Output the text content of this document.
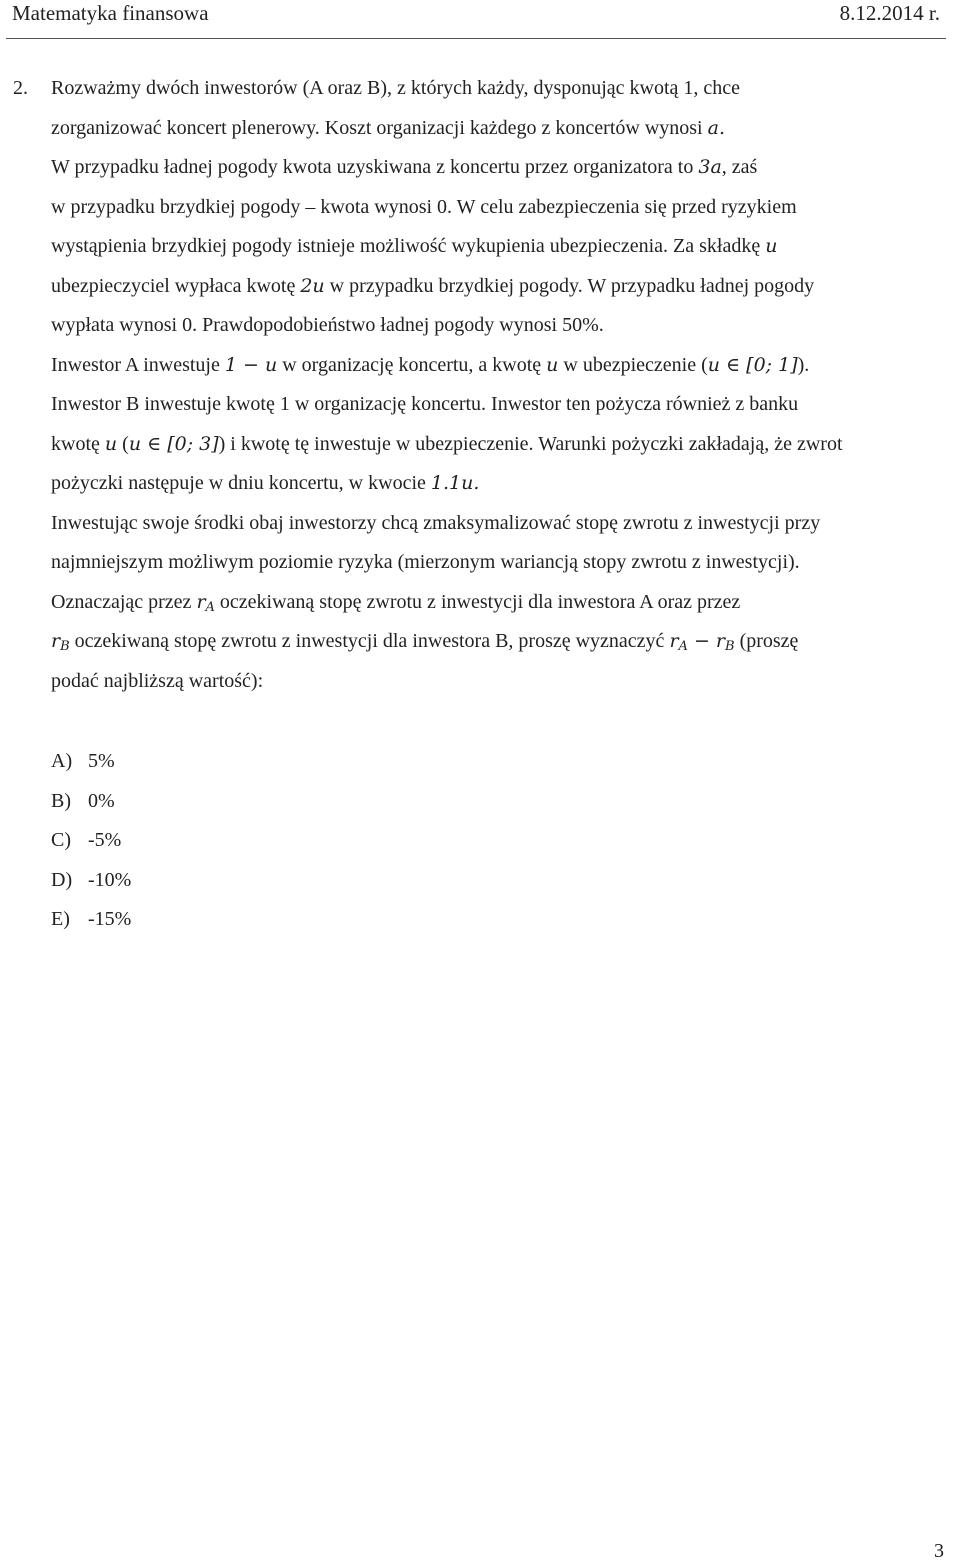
Matematyka finansowa	8.12.2014 r.
2. Rozważmy dwóch inwestorów (A oraz B), z których każdy, dysponując kwotą 1, chce
zorganizować koncert plenerowy. Koszt organizacji każdego z koncertów wynosi a.
W przypadku ładnej pogody kwota uzyskiwana z koncertu przez organizatora to 3a, zaś
w przypadku brzydkiej pogody – kwota wynosi 0. W celu zabezpieczenia się przed ryzykiem
wystąpienia brzydkiej pogody istnieje możliwość wykupienia ubezpieczenia. Za składkę u
ubezpieczyciel wypłaca kwotę 2u w przypadku brzydkiej pogody. W przypadku ładnej pogody
wypłata wynosi 0. Prawdopodobieństwo ładnej pogody wynosi 50%.
Inwestor A inwestuje 1 − u w organizację koncertu, a kwotę u w ubezpieczenie (u ∈ [0; 1]).
Inwestor B inwestuje kwotę 1 w organizację koncertu. Inwestor ten pożycza również z banku
kwotę u (u ∈ [0; 3]) i kwotę tę inwestuje w ubezpieczenie. Warunki pożyczki zakładają, że zwrot
pożyczki następuje w dniu koncertu, w kwocie 1.1u.
Inwestując swoje środki obaj inwestorzy chcą zmaksymalizować stopę zwrotu z inwestycji przy
najmniejszym możliwym poziomie ryzyka (mierzonym wariancją stopy zwrotu z inwestycji).
Oznaczając przez $r_A$ oczekiwaną stopę zwrotu z inwestycji dla inwestora A oraz przez
$r_B$ oczekiwaną stopę zwrotu z inwestycji dla inwestora B, proszę wyznaczyć $r_A - r_B$ (proszę
podać najbliższą wartość):
A) 5%
B) 0%
C) -5%
D) -10%
E) -15%
3
